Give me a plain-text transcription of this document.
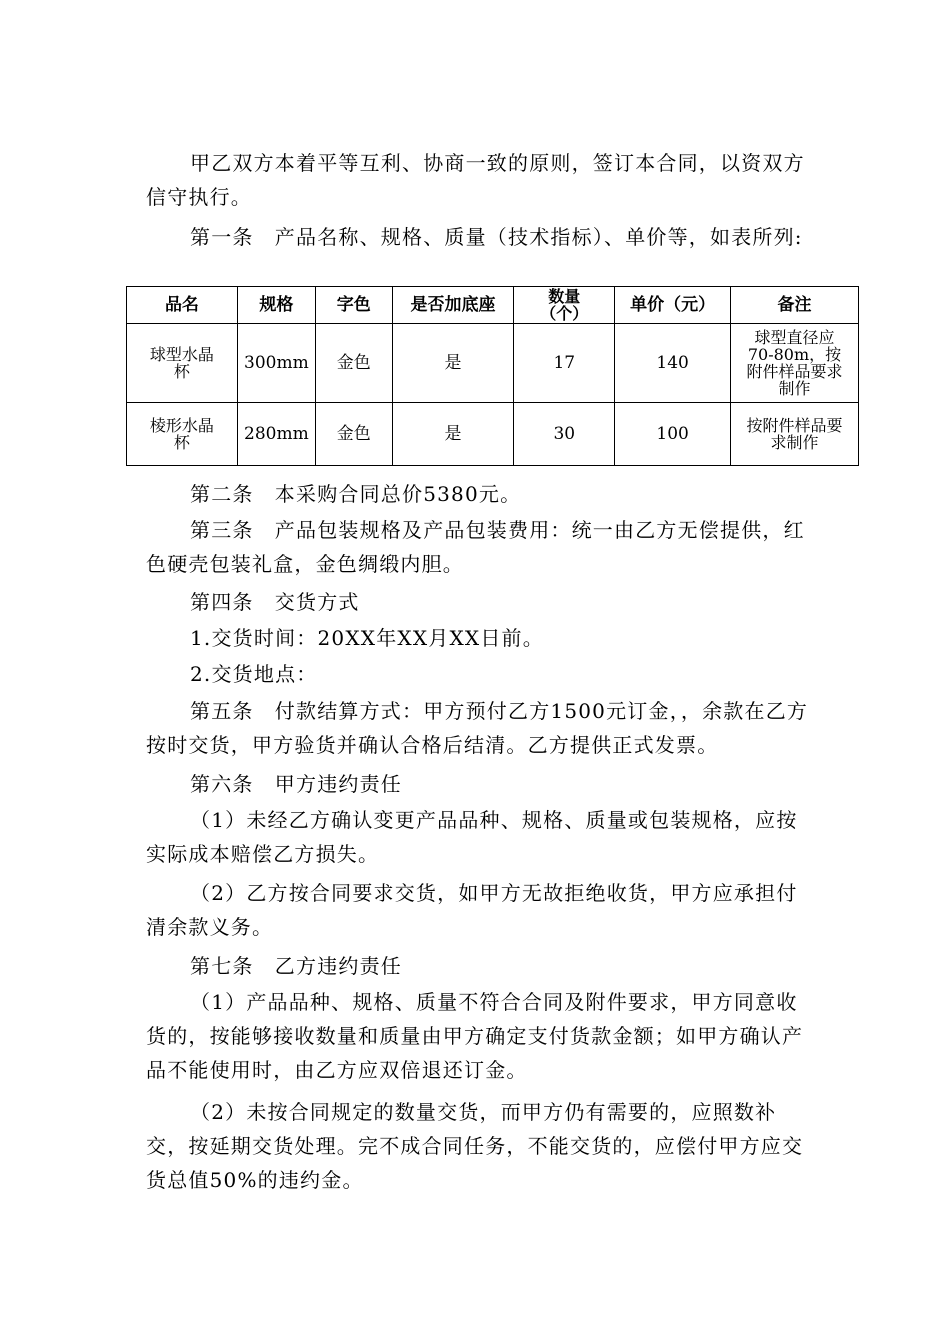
甲乙双方本着平等互利、协商一致的原则，签订本合同，以资双方信守执行。

第一条　产品名称、规格、质量（技术指标）、单价等，如表所列:

品名	规格	字色	是否加底座	数量（个）	单价（元）	备注
球型水晶杯	300mm	金色	是	17	140	球型直径应70-80m，按附件样品要求制作
棱形水晶杯	280mm	金色	是	30	100	按附件样品要求制作

第二条　本采购合同总价5380元。

第三条　产品包装规格及产品包装费用：统一由乙方无偿提供，红色硬壳包装礼盒，金色绸缎内胆。

第四条　交货方式

1.交货时间：20XX年XX月XX日前。

2.交货地点：

第五条　付款结算方式：甲方预付乙方1500元订金，，余款在乙方按时交货，甲方验货并确认合格后结清。乙方提供正式发票。

第六条　甲方违约责任

（1）未经乙方确认变更产品品种、规格、质量或包装规格，应按实际成本赔偿乙方损失。

（2）乙方按合同要求交货，如甲方无故拒绝收货，甲方应承担付清余款义务。

第七条　乙方违约责任

（1）产品品种、规格、质量不符合合同及附件要求，甲方同意收货的，按能够接收数量和质量由甲方确定支付货款金额；如甲方确认产品不能使用时，由乙方应双倍退还订金。

（2）未按合同规定的数量交货，而甲方仍有需要的，应照数补交，按延期交货处理。完不成合同任务，不能交货的，应偿付甲方应交货总值50%的违约金。
